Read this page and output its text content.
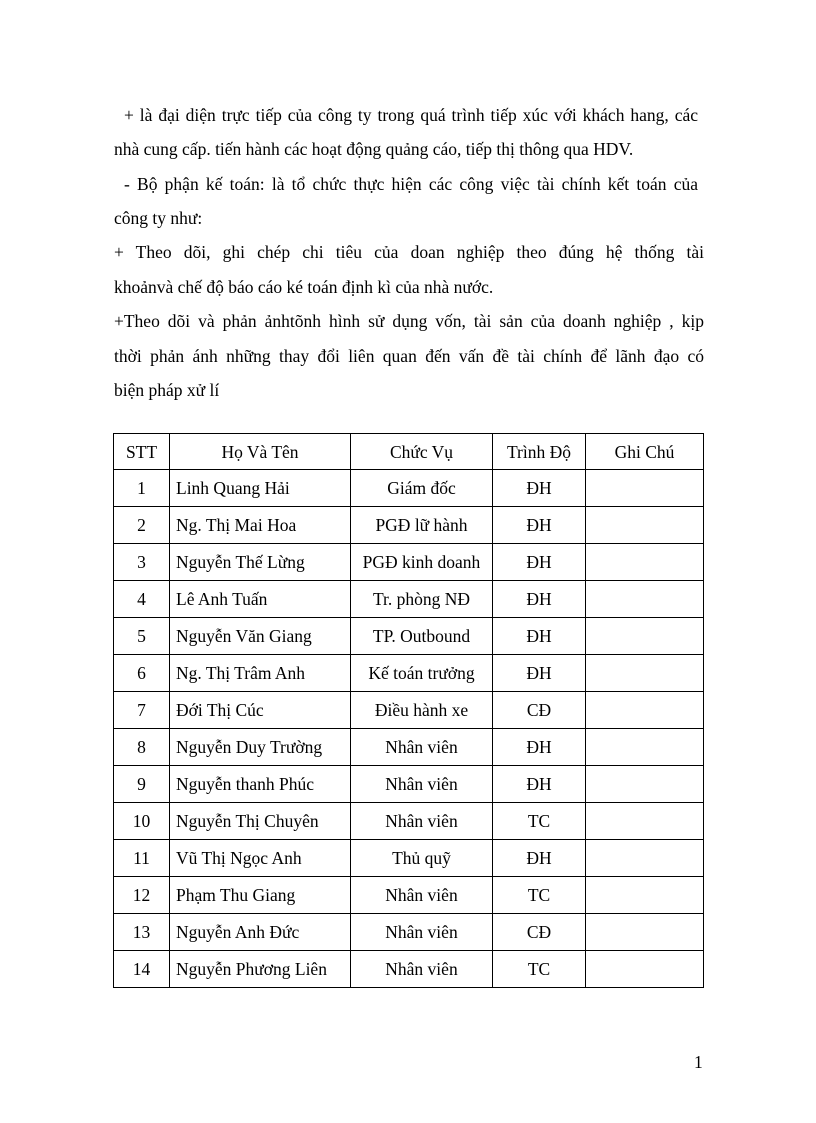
+ là đại diện trực tiếp của công ty trong quá trình tiếp xúc với khách hang, các
nhà cung cấp. tiến hành các hoạt động quảng cáo, tiếp thị thông qua HDV.
- Bộ phận kế toán: là tổ chức thực hiện các công việc tài chính kết toán của
công ty như:
+ Theo dõi, ghi chép chi tiêu của doan nghiệp theo đúng hệ thống tài
khoảnvà chế độ báo cáo ké toán định kì của nhà nước.
+Theo dõi và phản ảnhtõnh hình sử dụng vốn, tài sản của doanh nghiệp , kịp
thời phản ánh những thay đổi liên quan đến vấn đề tài chính để lãnh đạo có
biện pháp xử lí
STT	Họ Và Tên	Chức Vụ	Trình Độ	Ghi Chú
1	Linh Quang Hải	Giám đốc	ĐH	
2	Ng. Thị Mai Hoa	PGĐ lữ hành	ĐH	
3	Nguyễn Thế Lừng	PGĐ kinh doanh	ĐH	
4	Lê Anh Tuấn	Tr. phòng NĐ	ĐH	
5	Nguyễn Văn Giang	TP. Outbound	ĐH	
6	Ng. Thị Trâm Anh	Kế toán trưởng	ĐH	
7	Đới Thị Cúc	Điều hành xe	CĐ	
8	Nguyễn Duy Trường	Nhân viên	ĐH	
9	Nguyễn thanh Phúc	Nhân viên	ĐH	
10	Nguyễn Thị Chuyên	Nhân viên	TC	
11	Vũ Thị Ngọc Anh	Thủ quỹ	ĐH	
12	Phạm Thu Giang	Nhân viên	TC	
13	Nguyễn Anh Đức	Nhân viên	CĐ	
14	Nguyễn Phương Liên	Nhân viên	TC	
1
